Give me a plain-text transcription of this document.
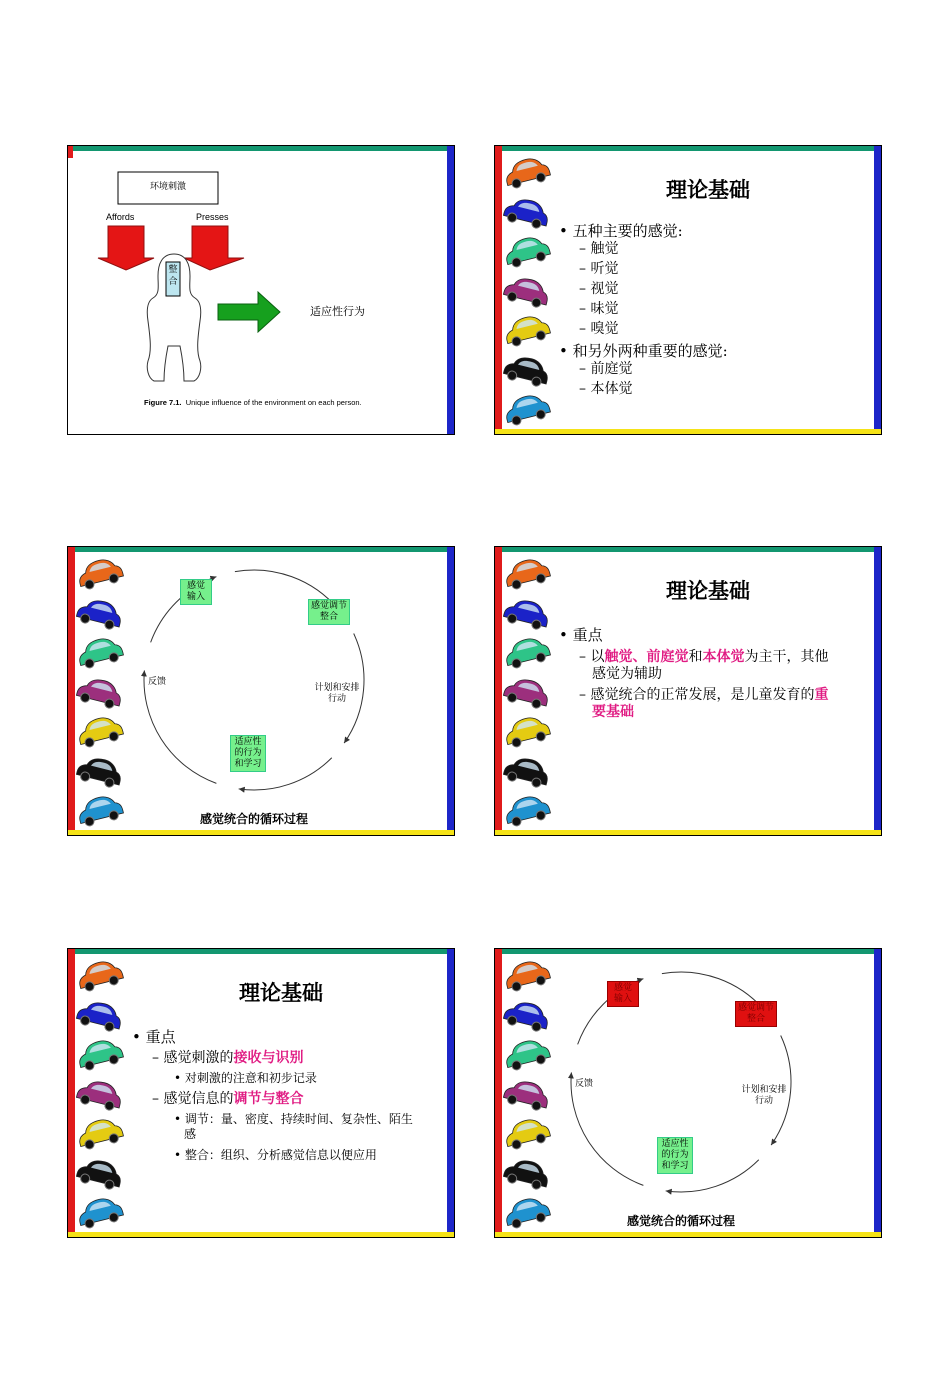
环境刺激
Affords	Presses
整合
适应性行为
Figure 7.1. Unique influence of the environment on each person.
理论基础
• 五种主要的感觉:
– 触觉
– 听觉
– 视觉
– 味觉
– 嗅觉
• 和另外两种重要的感觉:
– 前庭觉
– 本体觉
感觉
输入
感觉调节
整合
计划和安排
行动
适应性
的行为
和学习
反馈
感觉统合的循环过程
理论基础
• 重点
– 以触觉、前庭觉和本体觉为主干，其他
感觉为辅助
– 感觉统合的正常发展，是儿童发育的重
要基础
理论基础
• 重点
– 感觉刺激的接收与识别
• 对刺激的注意和初步记录
– 感觉信息的调节与整合
• 调节：量、密度、持续时间、复杂性、陌生
感
• 整合：组织、分析感觉信息以便应用
感觉
输入
感觉调节
整合
计划和安排
行动
适应性
的行为
和学习
反馈
感觉统合的循环过程
